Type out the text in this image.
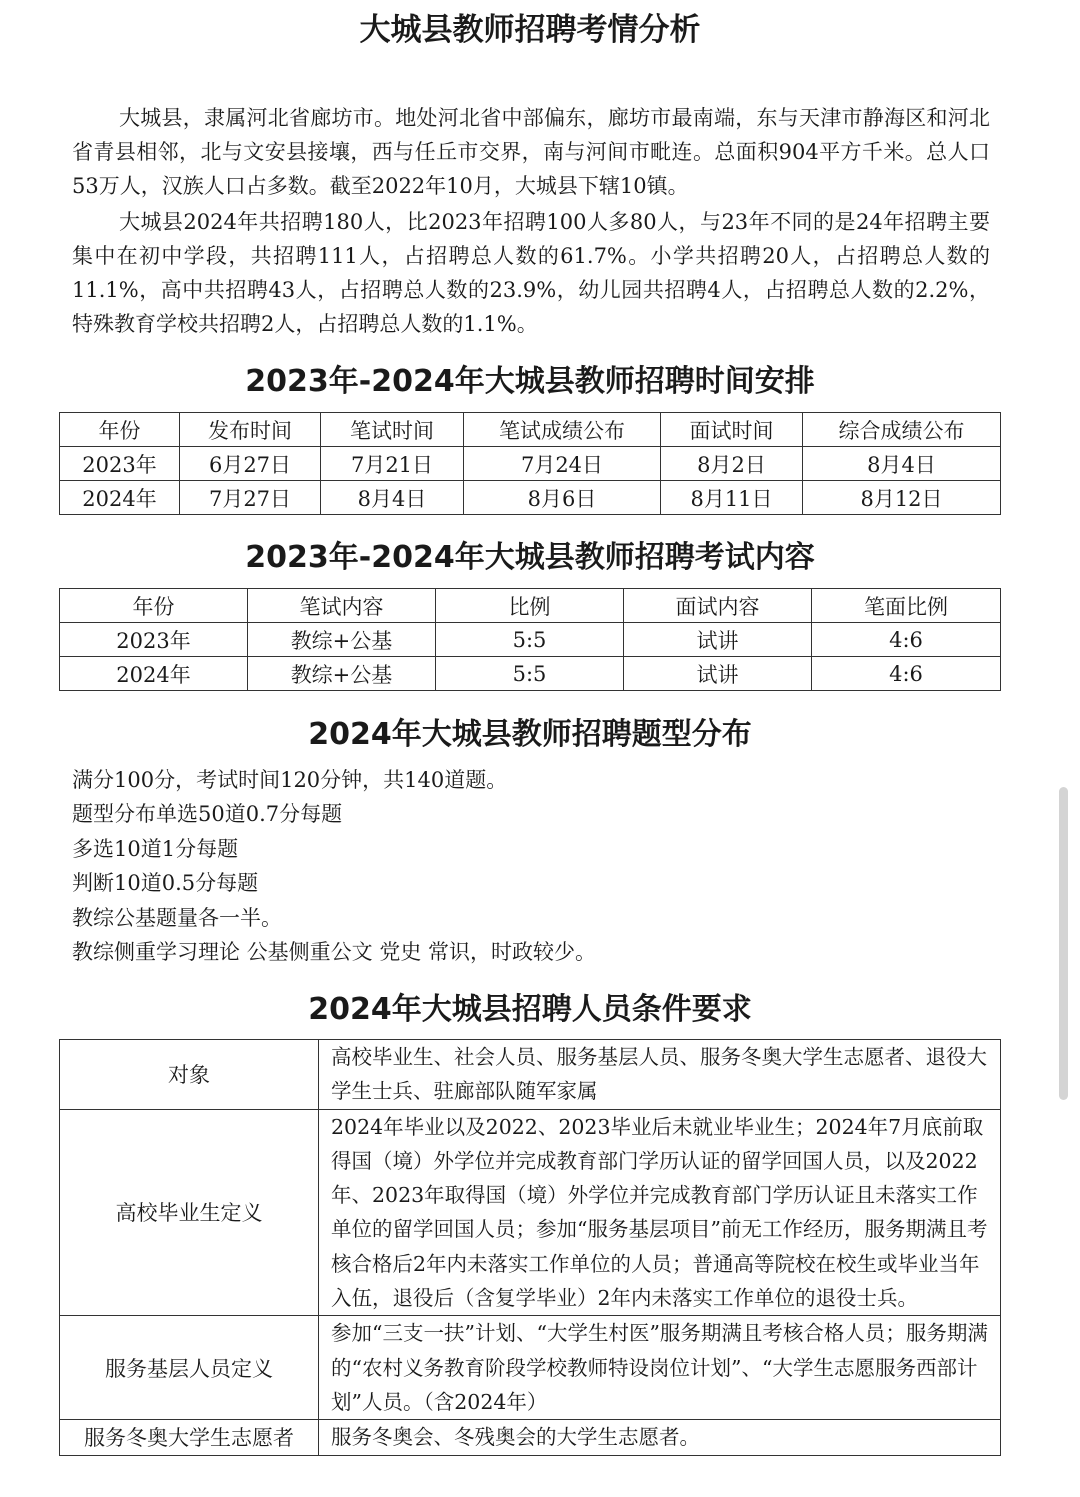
大城县教师招聘考情分析

大城县，隶属河北省廊坊市。地处河北省中部偏东，廊坊市最南端，东与天津市静海区和河北省青县相邻，北与文安县接壤，西与任丘市交界，南与河间市毗连。总面积904平方千米。总人口53万人，汉族人口占多数。截至2022年10月，大城县下辖10镇。

大城县2024年共招聘180人，比2023年招聘100人多80人，与23年不同的是24年招聘主要集中在初中学段，共招聘111人，占招聘总人数的61.7%。小学共招聘20人，占招聘总人数的11.1%，高中共招聘43人，占招聘总人数的23.9%，幼儿园共招聘4人，占招聘总人数的2.2%，特殊教育学校共招聘2人，占招聘总人数的1.1%。

2023年-2024年大城县教师招聘时间安排
年份	发布时间	笔试时间	笔试成绩公布	面试时间	综合成绩公布
2023年	6月27日	7月21日	7月24日	8月2日	8月4日
2024年	7月27日	8月4日	8月6日	8月11日	8月12日
2023年-2024年大城县教师招聘考试内容
年份	笔试内容	比例	面试内容	笔面比例
2023年	教综+公基	5:5	试讲	4:6
2024年	教综+公基	5:5	试讲	4:6
2024年大城县教师招聘题型分布
满分100分，考试时间120分钟，共140道题。
题型分布单选50道0.7分每题
多选10道1分每题
判断10道0.5分每题
教综公基题量各一半。
教综侧重学习理论 公基侧重公文 党史 常识，时政较少。
2024年大城县招聘人员条件要求
对象	高校毕业生、社会人员、服务基层人员、服务冬奥大学生志愿者、退役大学生士兵、驻廊部队随军家属
高校毕业生定义	2024年毕业以及2022、2023毕业后未就业毕业生；2024年7月底前取得国（境）外学位并完成教育部门学历认证的留学回国人员，以及2022年、2023年取得国（境）外学位并完成教育部门学历认证且未落实工作单位的留学回国人员；参加“服务基层项目”前无工作经历，服务期满且考核合格后2年内未落实工作单位的人员；普通高等院校在校生或毕业当年入伍，退役后（含复学毕业）2年内未落实工作单位的退役士兵。
服务基层人员定义	参加“三支一扶”计划、“大学生村医”服务期满且考核合格人员；服务期满的“农村义务教育阶段学校教师特设岗位计划”、“大学生志愿服务西部计划”人员。（含2024年）
服务冬奥大学生志愿者	服务冬奥会、冬残奥会的大学生志愿者。
